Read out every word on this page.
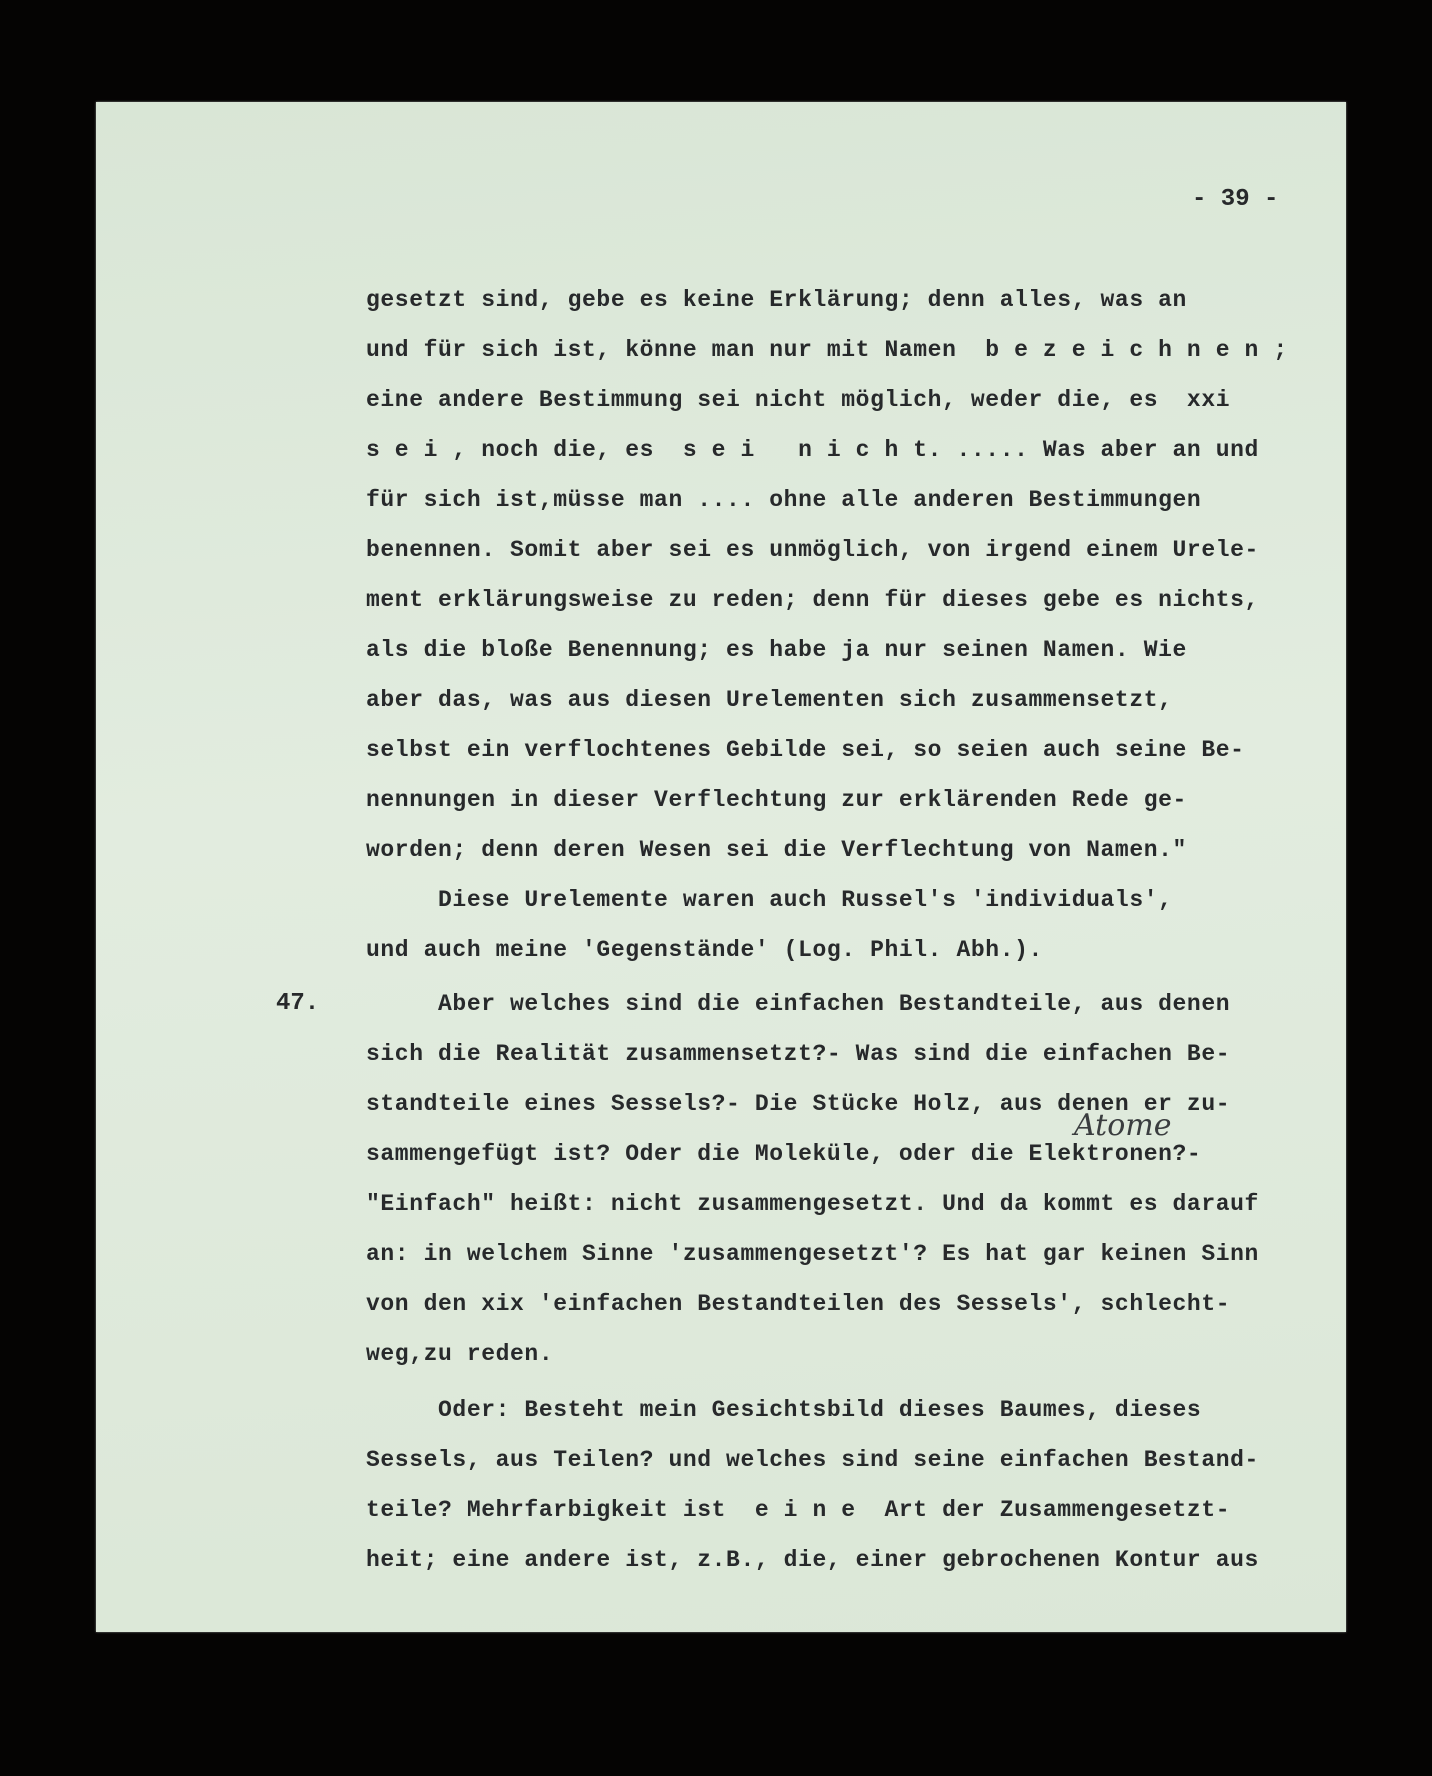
- 39 -
gesetzt sind, gebe es keine Erklärung; denn alles, was an
und für sich ist, könne man nur mit Namen  b e z e i c h n e n ;
eine andere Bestimmung sei nicht möglich, weder die, es  xxi
s e i , noch die, es  s e i   n i c h t. ..... Was aber an und
für sich ist,müsse man .... ohne alle anderen Bestimmungen
benennen. Somit aber sei es unmöglich, von irgend einem Urele-
ment erklärungsweise zu reden; denn für dieses gebe es nichts,
als die bloße Benennung; es habe ja nur seinen Namen. Wie
aber das, was aus diesen Urelementen sich zusammensetzt,
selbst ein verflochtenes Gebilde sei, so seien auch seine Be-
nennungen in dieser Verflechtung zur erklärenden Rede ge-
worden; denn deren Wesen sei die Verflechtung von Namen."
Diese Urelemente waren auch Russel's 'individuals',
und auch meine 'Gegenstände' (Log. Phil. Abh.).
47. Aber welches sind die einfachen Bestandteile, aus denen
sich die Realität zusammensetzt?- Was sind die einfachen Be-
standteile eines Sessels?- Die Stücke Holz, aus denen er zu-
sammengefügt ist? Oder die Moleküle, oder die Elektronen?-
"Einfach" heißt: nicht zusammengesetzt. Und da kommt es darauf
an: in welchem Sinne 'zusammengesetzt'? Es hat gar keinen Sinn
von den xix 'einfachen Bestandteilen des Sessels', schlecht-
weg,zu reden.
Oder: Besteht mein Gesichtsbild dieses Baumes, dieses
Sessels, aus Teilen? und welches sind seine einfachen Bestand-
teile? Mehrfarbigkeit ist  e i n e  Art der Zusammengesetzt-
heit; eine andere ist, z.B., die, einer gebrochenen Kontur aus
Atome
